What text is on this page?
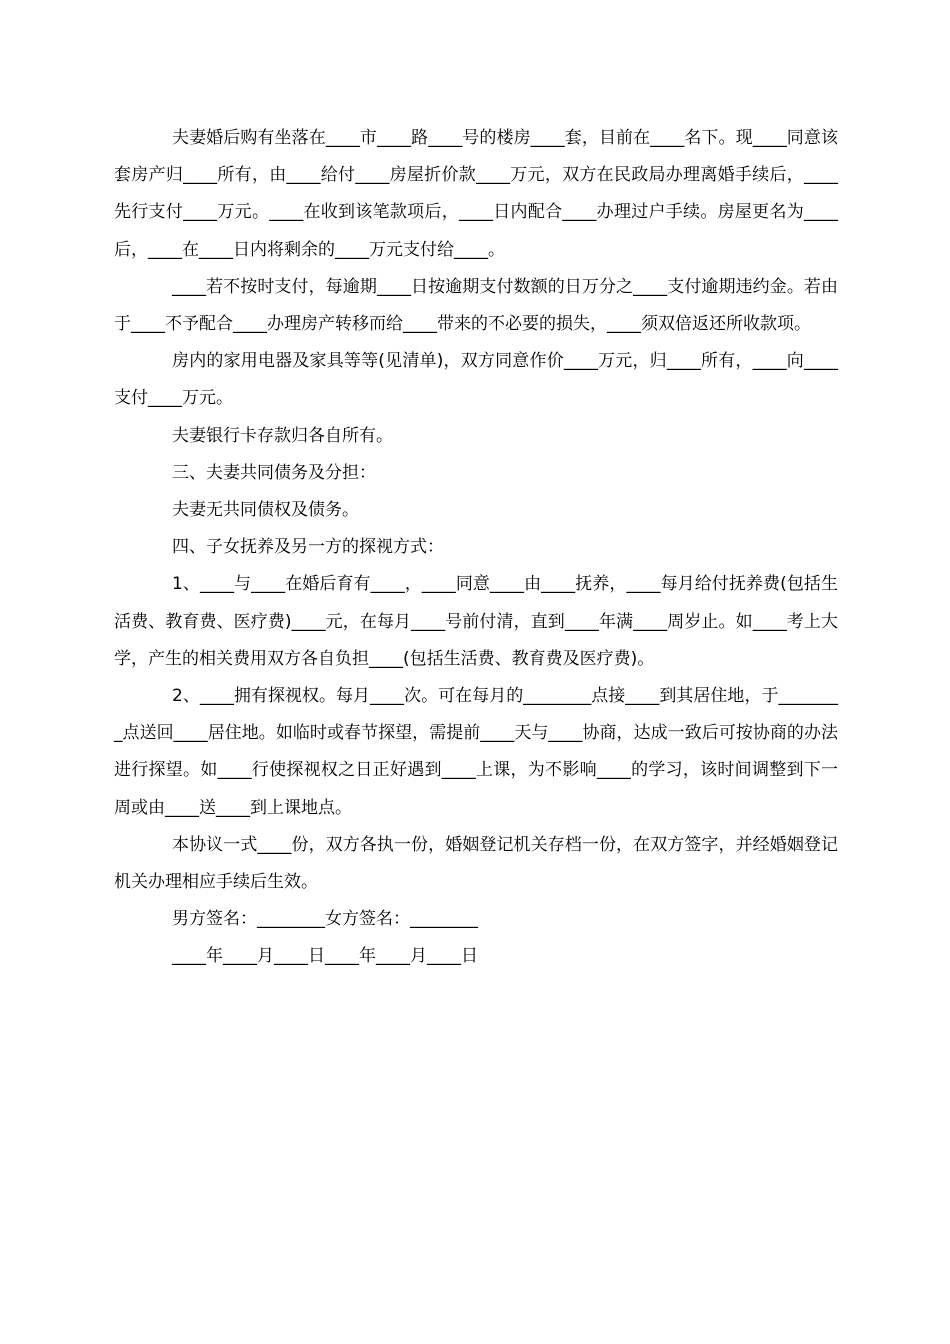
夫妻婚后购有坐落在____市____路____号的楼房____套，目前在____名下。现____同意该套房产归____所有，由____给付____房屋折价款____万元，双方在民政局办理离婚手续后，____先行支付____万元。____在收到该笔款项后，____日内配合____办理过户手续。房屋更名为____后，____在____日内将剩余的____万元支付给____。

____若不按时支付，每逾期____日按逾期支付数额的日万分之____支付逾期违约金。若由于____不予配合____办理房产转移而给____带来的不必要的损失，____须双倍返还所收款项。

房内的家用电器及家具等等(见清单)，双方同意作价____万元，归____所有，____向____支付____万元。

夫妻银行卡存款归各自所有。

三、夫妻共同债务及分担：

夫妻无共同债权及债务。

四、子女抚养及另一方的探视方式：

1、____与____在婚后育有____，____同意____由____抚养，____每月给付抚养费(包括生活费、教育费、医疗费)____元，在每月____号前付清，直到____年满____周岁止。如____考上大学，产生的相关费用双方各自负担____(包括生活费、教育费及医疗费)。

2、____拥有探视权。每月____次。可在每月的________点接____到其居住地，于________点送回____居住地。如临时或春节探望，需提前____天与____协商，达成一致后可按协商的办法进行探望。如____行使探视权之日正好遇到____上课，为不影响____的学习，该时间调整到下一周或由____送____到上课地点。

本协议一式____份，双方各执一份，婚姻登记机关存档一份，在双方签字，并经婚姻登记机关办理相应手续后生效。

男方签名：________女方签名：________

____年____月____日____年____月____日
